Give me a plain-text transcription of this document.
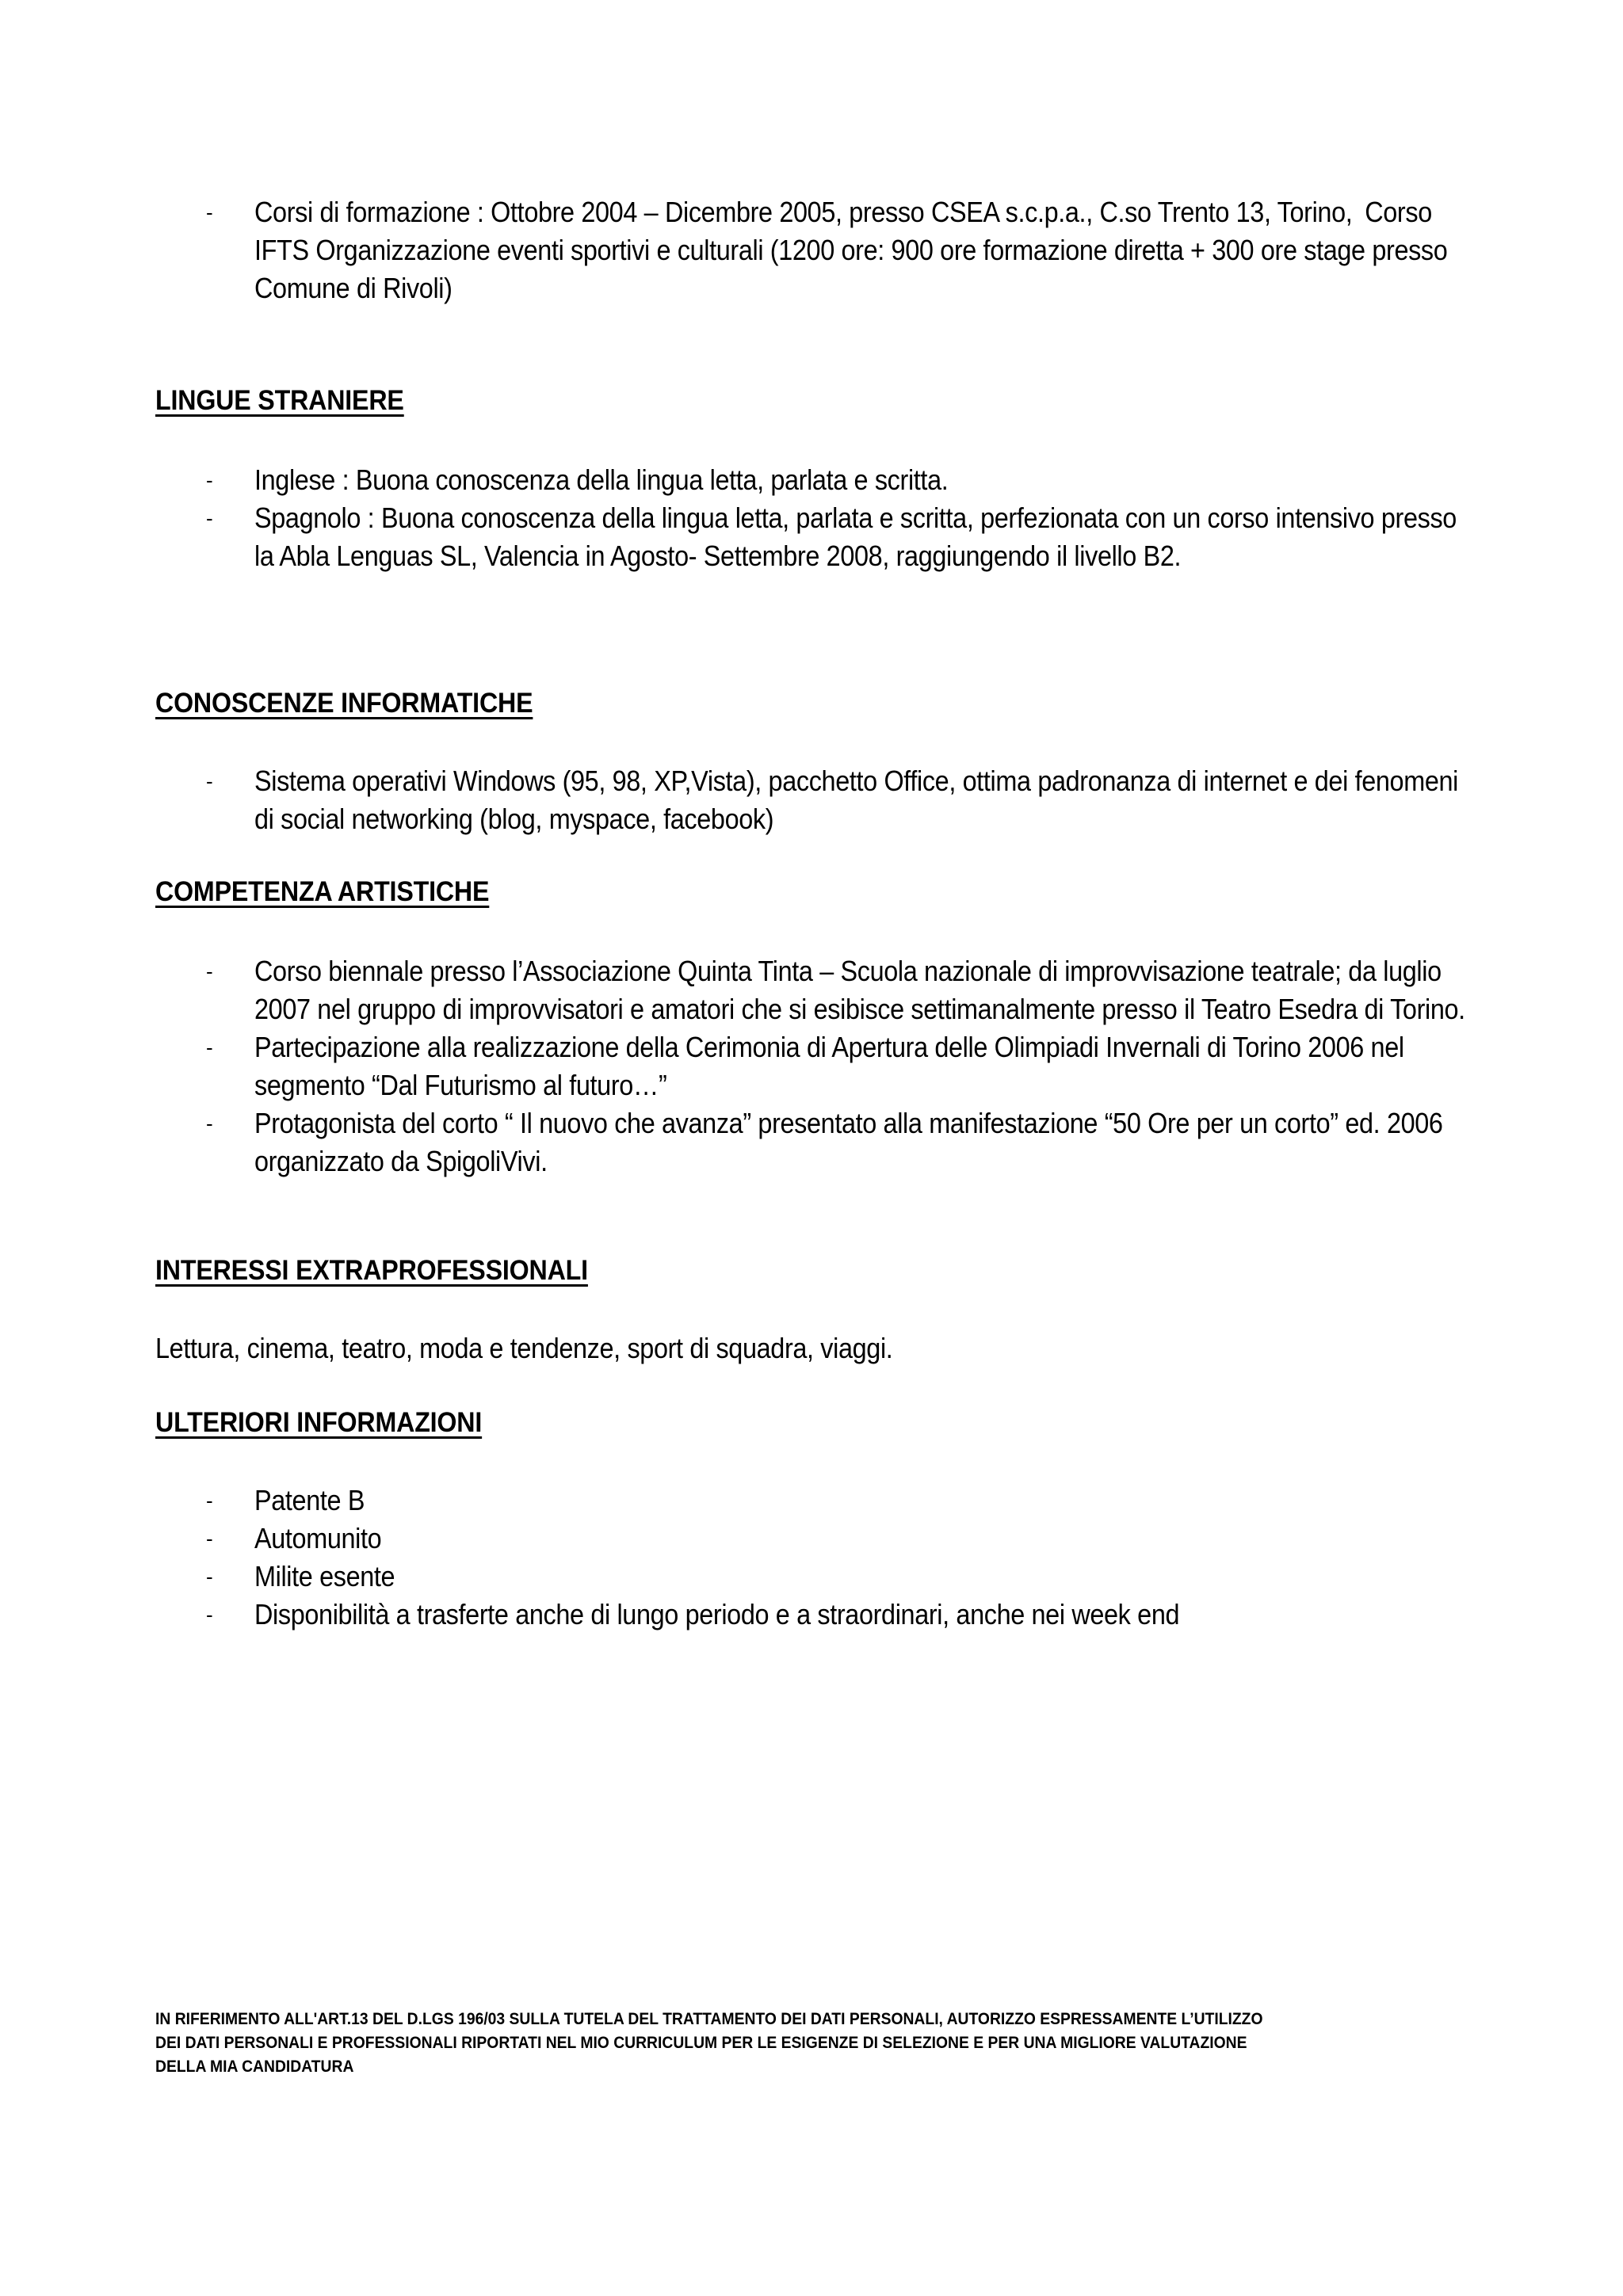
- Corsi di formazione : Ottobre 2004 – Dicembre 2005, presso CSEA s.c.p.a., C.so Trento 13, Torino, Corso IFTS Organizzazione eventi sportivi e culturali (1200 ore: 900 ore formazione diretta + 300 ore stage presso Comune di Rivoli)
LINGUE STRANIERE
- Inglese : Buona conoscenza della lingua letta, parlata e scritta.
- Spagnolo : Buona conoscenza della lingua letta, parlata e scritta, perfezionata con un corso intensivo presso la Abla Lenguas SL, Valencia in Agosto- Settembre 2008, raggiungendo il livello B2.
CONOSCENZE INFORMATICHE
- Sistema operativi Windows (95, 98, XP,Vista), pacchetto Office, ottima padronanza di internet e dei fenomeni di social networking (blog, myspace, facebook)
COMPETENZA ARTISTICHE
- Corso biennale presso l’Associazione Quinta Tinta – Scuola nazionale di improvvisazione teatrale; da luglio 2007 nel gruppo di improvvisatori e amatori che si esibisce settimanalmente presso il Teatro Esedra di Torino.
- Partecipazione alla realizzazione della Cerimonia di Apertura delle Olimpiadi Invernali di Torino 2006 nel segmento “Dal Futurismo al futuro…”
- Protagonista del corto “ Il nuovo che avanza” presentato alla manifestazione “50 Ore per un corto” ed. 2006 organizzato da SpigoliVivi.
INTERESSI EXTRAPROFESSIONALI
Lettura, cinema, teatro, moda e tendenze, sport di squadra, viaggi.
ULTERIORI INFORMAZIONI
- Patente B
- Automunito
- Milite esente
- Disponibilità a trasferte anche di lungo periodo e a straordinari, anche nei week end
IN RIFERIMENTO ALL'ART.13 DEL D.LGS 196/03 SULLA TUTELA DEL TRATTAMENTO DEI DATI PERSONALI, AUTORIZZO ESPRESSAMENTE L’UTILIZZO
DEI DATI PERSONALI E PROFESSIONALI RIPORTATI NEL MIO CURRICULUM PER LE ESIGENZE DI SELEZIONE E PER UNA MIGLIORE VALUTAZIONE
DELLA MIA CANDIDATURA
